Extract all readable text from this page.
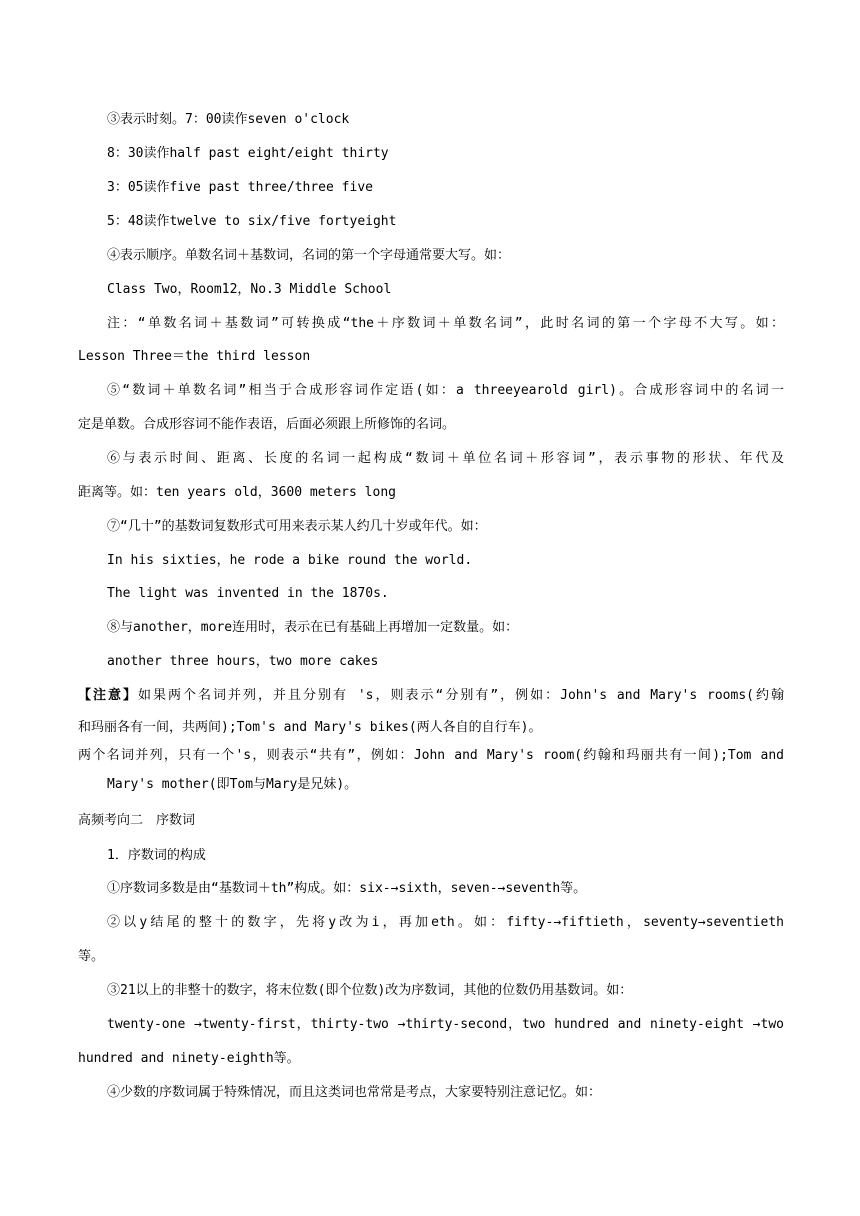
③表示时刻。7：00读作seven o'clock
8：30读作half past eight/eight thirty
3：05读作five past three/three five
5：48读作twelve to six/five fortyeight
④表示顺序。单数名词＋基数词，名词的第一个字母通常要大写。如：
Class Two，Room12，No.3 Middle School
注：“单数名词＋基数词”可转换成“the＋序数词＋单数名词”，此时名词的第一个字母不大写。如：
Lesson Three＝the third lesson
⑤“数词＋单数名词”相当于合成形容词作定语(如：a threeyearold girl)。合成形容词中的名词一
定是单数。合成形容词不能作表语，后面必须跟上所修饰的名词。
⑥与表示时间、距离、长度的名词一起构成“数词＋单位名词＋形容词”，表示事物的形状、年代及
距离等。如：ten years old，3600 meters long
⑦“几十”的基数词复数形式可用来表示某人约几十岁或年代。如：
In his sixties，he rode a bike round the world.
The light was invented in the 1870s.
⑧与another，more连用时，表示在已有基础上再增加一定数量。如：
another three hours，two more cakes
【注意】如果两个名词并列，并且分别有 's，则表示“分别有”，例如：John's and Mary's rooms(约翰
和玛丽各有一间，共两间);Tom's and Mary's bikes(两人各自的自行车)。
两个名词并列，只有一个's，则表示“共有”，例如：John and Mary's room(约翰和玛丽共有一间);Tom and
Mary's mother(即Tom与Mary是兄妹)。
高频考向二　序数词
1．序数词的构成
①序数词多数是由“基数词＋th”构成。如：six-→sixth，seven-→seventh等。
②以y结尾的整十的数字，先将y改为i，再加eth。如：fifty-→fiftieth，seventy→seventieth
等。
③21以上的非整十的数字，将末位数(即个位数)改为序数词，其他的位数仍用基数词。如：
twenty-one →twenty-first，thirty-two →thirty-second，two hundred and ninety-eight →two
hundred and ninety-eighth等。
④少数的序数词属于特殊情况，而且这类词也常常是考点，大家要特别注意记忆。如：
